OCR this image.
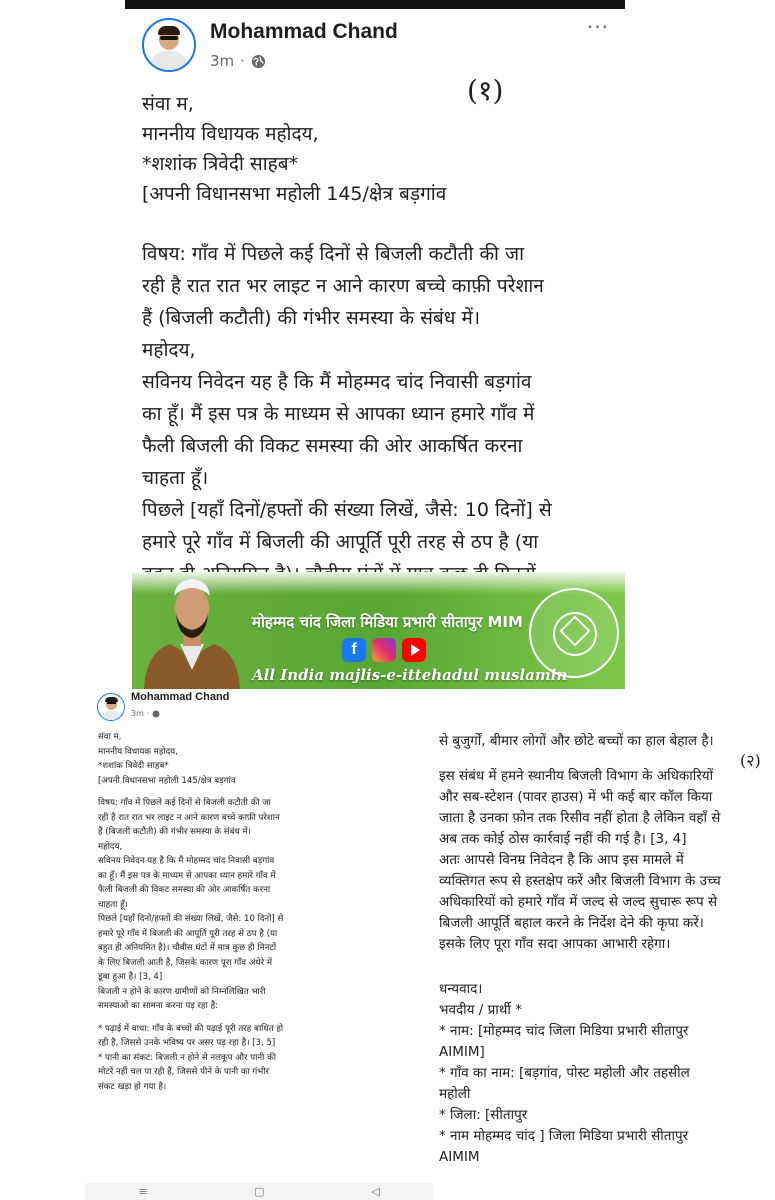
Mohammad Chand
3m ·
···
(१)
संवा म,
माननीय विधायक महोदय,
*शशांक त्रिवेदी साहब*
[अपनी विधानसभा महोली 145/क्षेत्र बड़गांव
विषय: गाँव में पिछले कई दिनों से बिजली कटौती की जा
रही है रात रात भर लाइट न आने कारण बच्चे काफ़ी परेशान
हैं (बिजली कटौती) की गंभीर समस्या के संबंध में।
महोदय,
सविनय निवेदन यह है कि मैं मोहम्मद चांद निवासी बड़गांव
का हूँ। मैं इस पत्र के माध्यम से आपका ध्यान हमारे गाँव में
फैली बिजली की विकट समस्या की ओर आकर्षित करना
चाहता हूँ।
पिछले [यहाँ दिनों/हफ्तों की संख्या लिखें, जैसे: 10 दिनों] से
हमारे पूरे गाँव में बिजली की आपूर्ति पूरी तरह से ठप है (या
मोहम्मद चांद जिला मिडिया प्रभारी सीतापुर MIM
f
All India majlis-e-ittehadul muslamin
Mohammad Chand
3m ·
संवा म,
माननीय विधायक महोदय,
*शशांक त्रिवेदी साहब*
[अपनी विधानसभा महोली 145/क्षेत्र बड़गांव
विषय: गाँव में पिछले कई दिनों से बिजली कटौती की जा
रही है रात रात भर लाइट न आने कारण बच्चे काफ़ी परेशान
हैं (बिजली कटौती) की गंभीर समस्या के संबंध में।
महोदय,
सविनय निवेदन यह है कि मैं मोहम्मद चांद निवासी बड़गांव
का हूँ। मैं इस पत्र के माध्यम से आपका ध्यान हमारे गाँव में
फैली बिजली की विकट समस्या की ओर आकर्षित करना
चाहता हूँ।
पिछले [यहाँ दिनों/हफ्तों की संख्या लिखें, जैसे: 10 दिनों] से
हमारे पूरे गाँव में बिजली की आपूर्ति पूरी तरह से ठप है (या
बहुत ही अनियमित है)। चौबीस घंटों में मात्र कुछ ही मिनटों
के लिए बिजली आती है, जिसके कारण पूरा गाँव अंधेरे में
डूबा हुआ है। [3, 4]
बिजली न होने के कारण ग्रामीणों को निम्नलिखित भारी
समस्याओं का सामना करना पड़ रहा है:
* पढ़ाई में बाधा: गाँव के बच्चों की पढ़ाई पूरी तरह बाधित हो
रही है, जिससे उनके भविष्य पर असर पड़ रहा है। [3, 5]
* पानी का संकट: बिजली न होने से नलकूप और पानी की
मोटरें नहीं चल पा रही हैं, जिससे पीने के पानी का गंभीर
संकट खड़ा हो गया है।
≡	▢	◁
से बुजुर्गों, बीमार लोगों और छोटे बच्चों का हाल बेहाल है।
इस संबंध में हमने स्थानीय बिजली विभाग के अधिकारियों
और सब-स्टेशन (पावर हाउस) में भी कई बार कॉल किया
जाता है उनका फ़ोन तक रिसीव नहीं होता है लेकिन वहाँ से
अब तक कोई ठोस कार्रवाई नहीं की गई है। [3, 4]
अतः आपसे विनम्र निवेदन है कि आप इस मामले में
व्यक्तिगत रूप से हस्तक्षेप करें और बिजली विभाग के उच्च
अधिकारियों को हमारे गाँव में जल्द से जल्द सुचारू रूप से
बिजली आपूर्ति बहाल करने के निर्देश देने की कृपा करें।
इसके लिए पूरा गाँव सदा आपका आभारी रहेगा।
धन्यवाद।
भवदीय / प्रार्थी *
* नाम: [मोहम्मद चांद जिला मिडिया प्रभारी सीतापुर
AIMIM]
* गाँव का नाम: [बड़गांव, पोस्ट महोली और तहसील
महोली
* जिला: [सीतापुर
* नाम मोहम्मद चांद ] जिला मिडिया प्रभारी सीतापुर
AIMIM
(२)
